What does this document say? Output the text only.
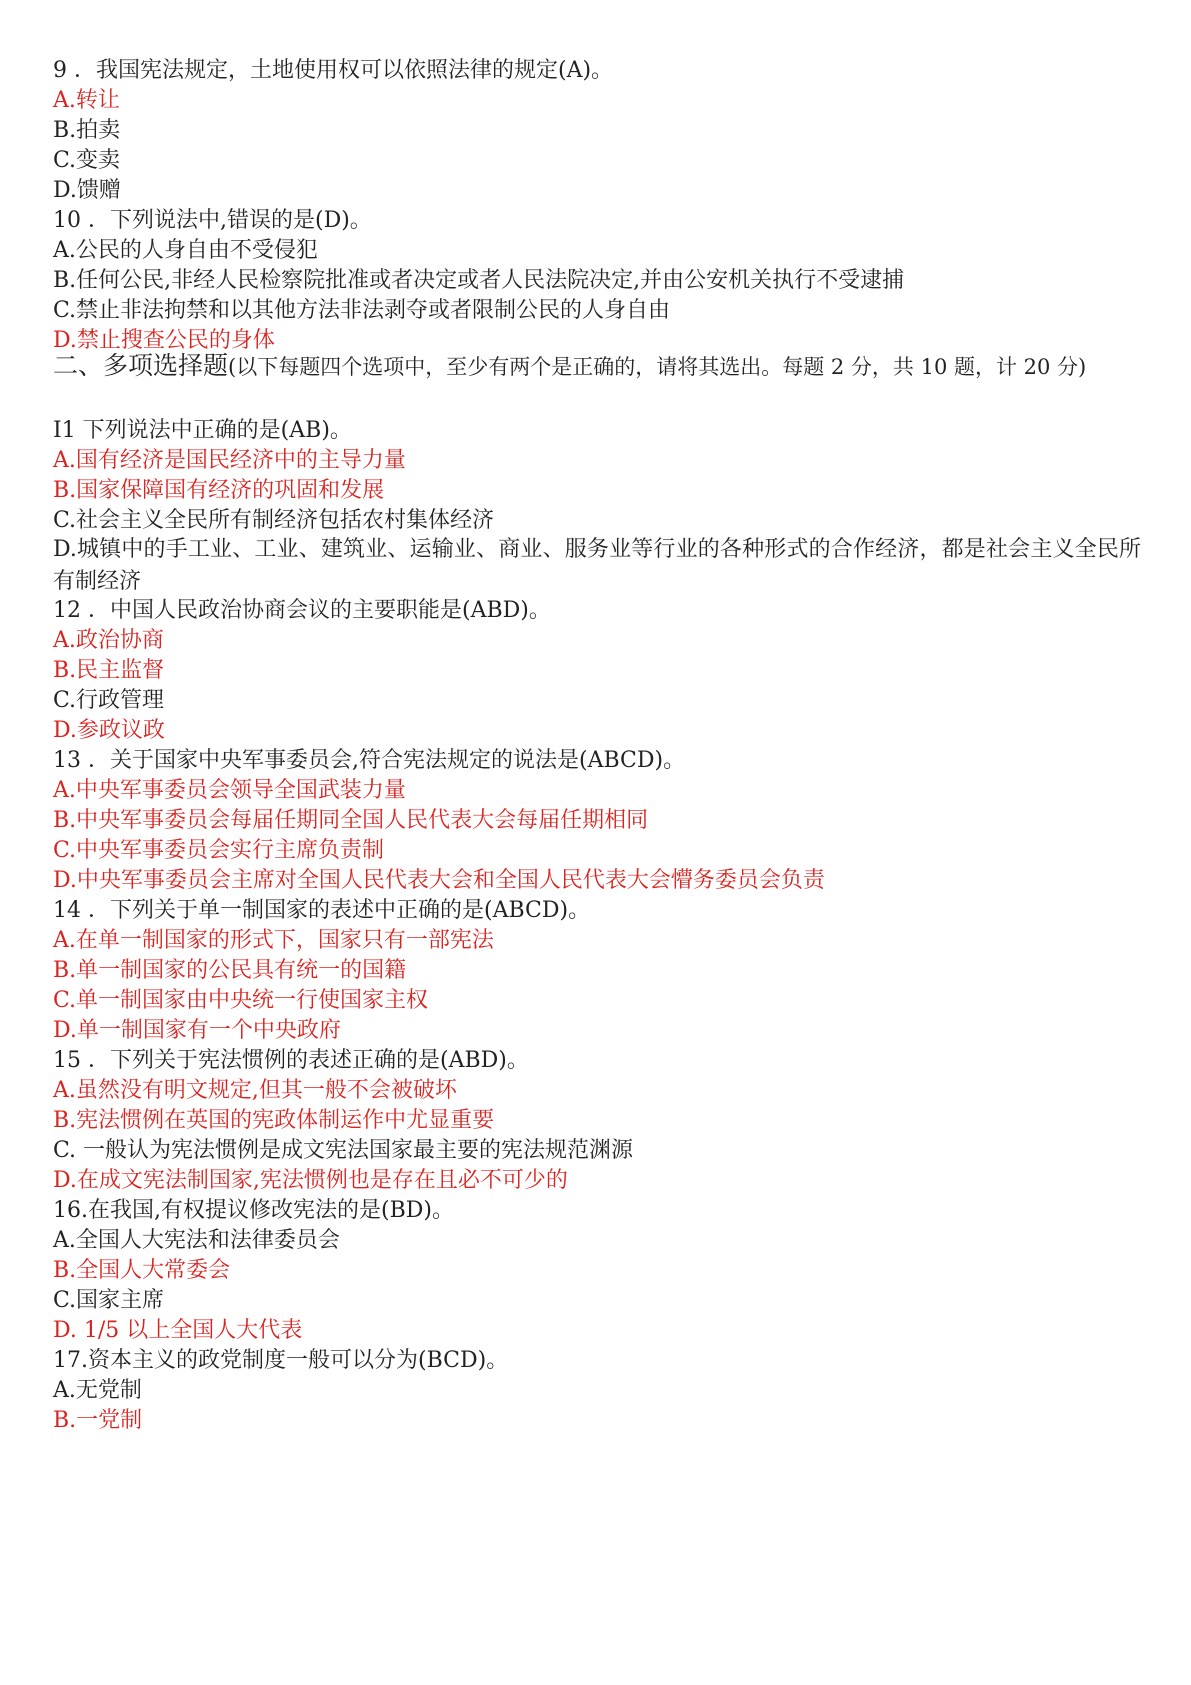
9 ．我国宪法规定，土地使用权可以依照法律的规定(A)。
A.转让
B.拍卖
C.变卖
D.馈赠
10 ．下列说法中,错误的是(D)。
A.公民的人身自由不受侵犯
B.任何公民,非经人民检察院批准或者决定或者人民法院决定,并由公安机关执行不受逮捕
C.禁止非法拘禁和以其他方法非法剥夺或者限制公民的人身自由
D.禁止搜查公民的身体
二、多项选择题(以下每题四个选项中，至少有两个是正确的，请将其选出。每题 2 分，共 10 题，计 20 分)
I1 下列说法中正确的是(AB)。
A.国有经济是国民经济中的主导力量
B.国家保障国有经济的巩固和发展
C.社会主义全民所有制经济包括农村集体经济
D.城镇中的手工业、工业、建筑业、运输业、商业、服务业等行业的各种形式的合作经济，都是社会主义全民所有制经济
12 ．中国人民政治协商会议的主要职能是(ABD)。
A.政治协商
B.民主监督
C.行政管理
D.参政议政
13 ．关于国家中央军事委员会,符合宪法规定的说法是(ABCD)。
A.中央军事委员会领导全国武装力量
B.中央军事委员会每届任期同全国人民代表大会每届任期相同
C.中央军事委员会实行主席负责制
D.中央军事委员会主席对全国人民代表大会和全国人民代表大会懵务委员会负责
14 ．下列关于单一制国家的表述中正确的是(ABCD)。
A.在单一制国家的形式下，国家只有一部宪法
B.单一制国家的公民具有统一的国籍
C.单一制国家由中央统一行使国家主权
D.单一制国家有一个中央政府
15 ．下列关于宪法惯例的表述正确的是(ABD)。
A.虽然没有明文规定,但其一般不会被破坏
B.宪法惯例在英国的宪政体制运作中尤显重要
C. 一般认为宪法惯例是成文宪法国家最主要的宪法规范渊源
D.在成文宪法制国家,宪法惯例也是存在且必不可少的
16.在我国,有权提议修改宪法的是(BD)。
A.全国人大宪法和法律委员会
B.全国人大常委会
C.国家主席
D. 1/5 以上全国人大代表
17.资本主义的政党制度一般可以分为(BCD)。
A.无党制
B.一党制
